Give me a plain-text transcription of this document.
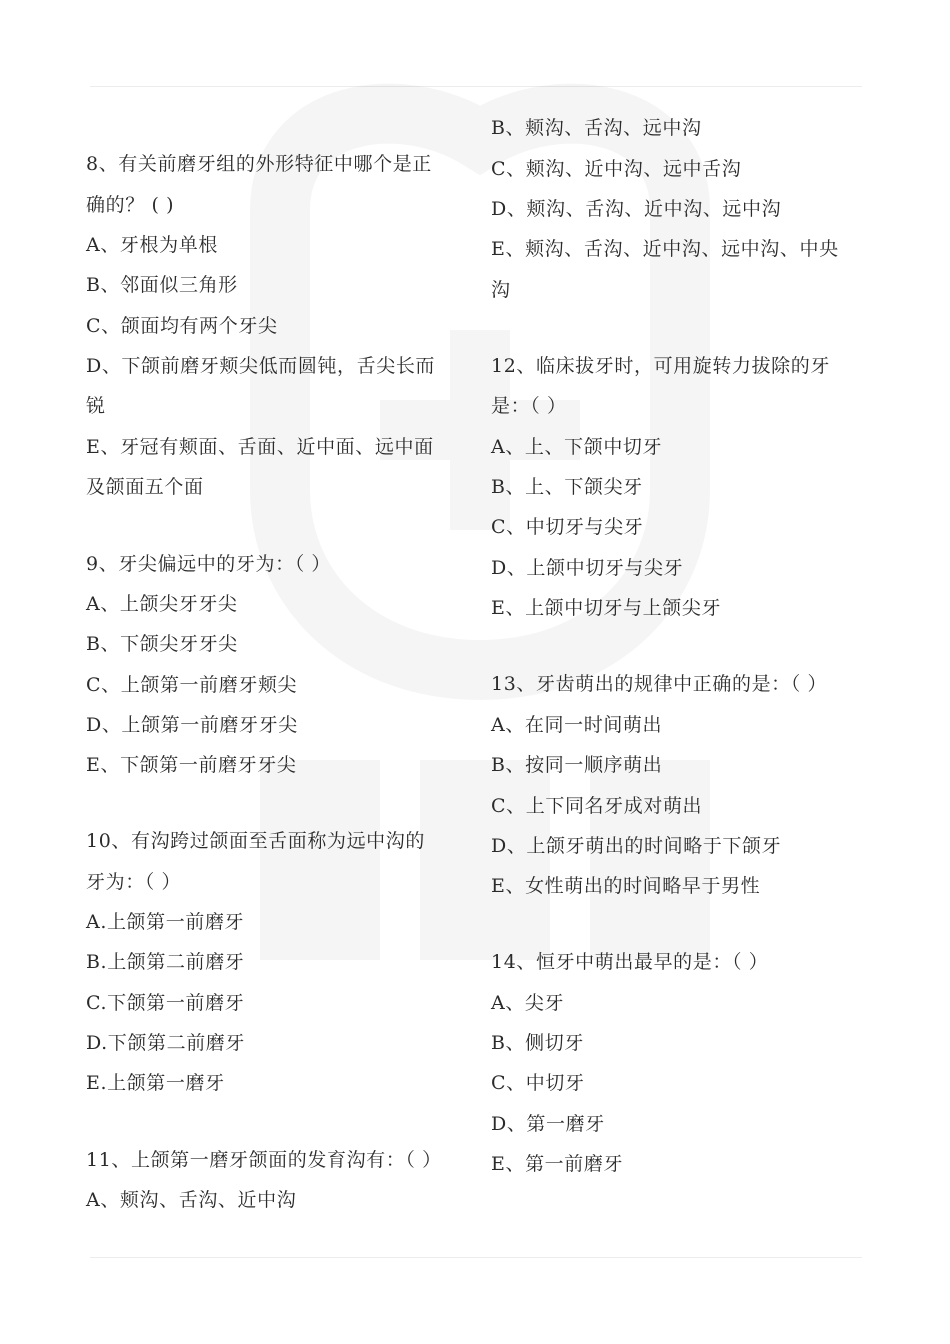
8、有关前磨牙组的外形特征中哪个是正
确的？ ( )
A、牙根为单根
B、邻面似三角形
C、颌面均有两个牙尖
D、下颌前磨牙颊尖低而圆钝，舌尖长而
锐
E、牙冠有颊面、舌面、近中面、远中面
及颌面五个面
9、牙尖偏远中的牙为：（ ）
A、上颌尖牙牙尖
B、下颌尖牙牙尖
C、上颌第一前磨牙颊尖
D、上颌第一前磨牙牙尖
E、下颌第一前磨牙牙尖
10、有沟跨过颌面至舌面称为远中沟的
牙为：（ ）
A.上颌第一前磨牙
B.上颌第二前磨牙
C.下颌第一前磨牙
D.下颌第二前磨牙
E.上颌第一磨牙
11、上颌第一磨牙颌面的发育沟有：（ ）
A、颊沟、舌沟、近中沟
B、颊沟、舌沟、远中沟
C、颊沟、近中沟、远中舌沟
D、颊沟、舌沟、近中沟、远中沟
E、颊沟、舌沟、近中沟、远中沟、中央
沟
12、临床拔牙时，可用旋转力拔除的牙
是：（ ）
A、上、下颌中切牙
B、上、下颌尖牙
C、中切牙与尖牙
D、上颌中切牙与尖牙
E、上颌中切牙与上颌尖牙
13、牙齿萌出的规律中正确的是：（ ）
A、在同一时间萌出
B、按同一顺序萌出
C、上下同名牙成对萌出
D、上颌牙萌出的时间略于下颌牙
E、女性萌出的时间略早于男性
14、恒牙中萌出最早的是：（ ）
A、尖牙
B、侧切牙
C、中切牙
D、第一磨牙
E、第一前磨牙
